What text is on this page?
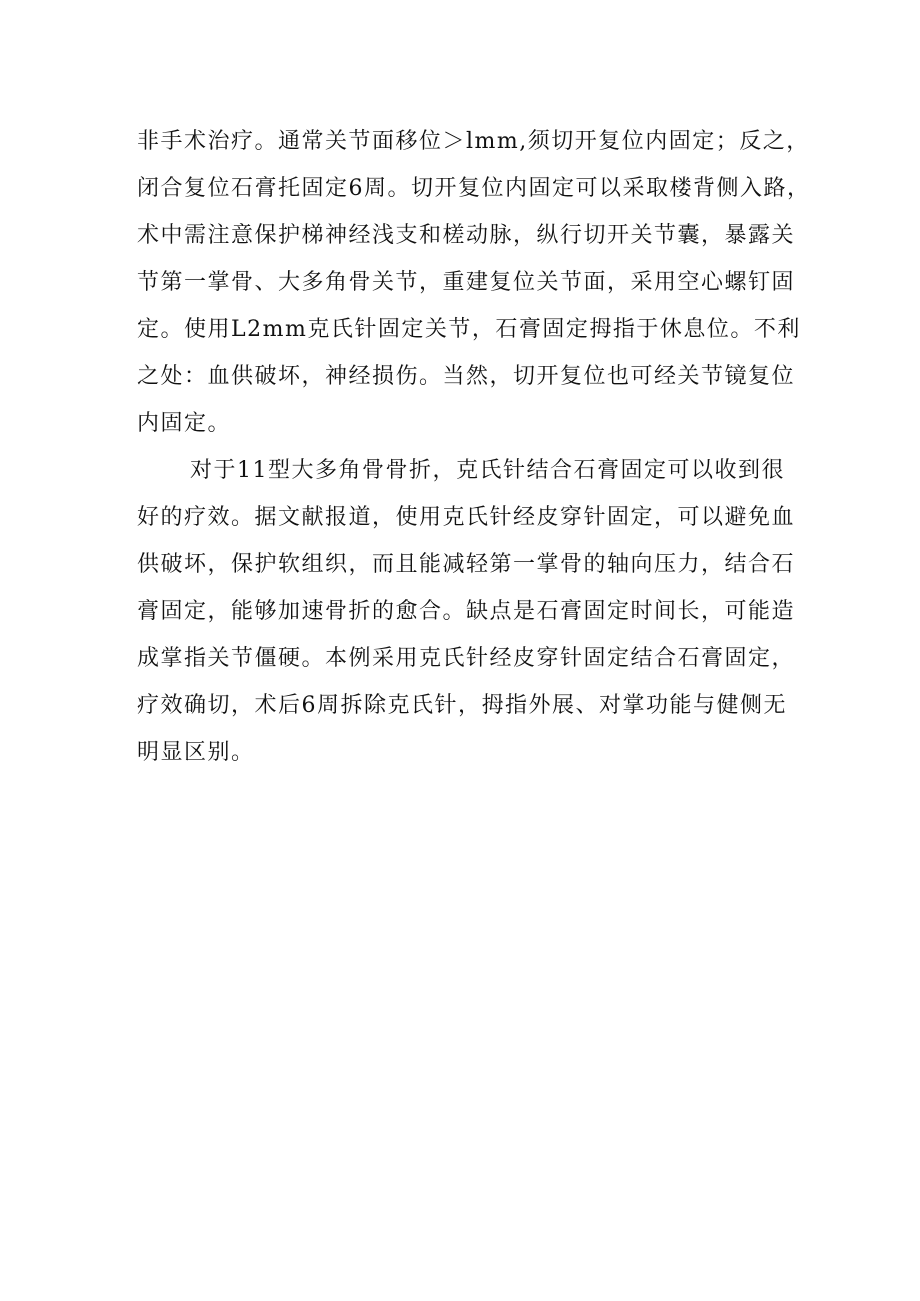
非手术治疗。通常关节面移位＞lmm,须切开复位内固定；反之，
闭合复位石膏托固定6周。切开复位内固定可以采取楼背侧入路，
术中需注意保护梯神经浅支和槎动脉，纵行切开关节囊，暴露关
节第一掌骨、大多角骨关节，重建复位关节面，采用空心螺钉固
定。使用L2mm克氏针固定关节，石膏固定拇指于休息位。不利
之处：血供破坏，神经损伤。当然，切开复位也可经关节镜复位
内固定。
对于11型大多角骨骨折，克氏针结合石膏固定可以收到很
好的疗效。据文献报道，使用克氏针经皮穿针固定，可以避免血
供破坏，保护软组织，而且能减轻第一掌骨的轴向压力，结合石
膏固定，能够加速骨折的愈合。缺点是石膏固定时间长，可能造
成掌指关节僵硬。本例采用克氏针经皮穿针固定结合石膏固定，
疗效确切，术后6周拆除克氏针，拇指外展、对掌功能与健侧无
明显区别。
